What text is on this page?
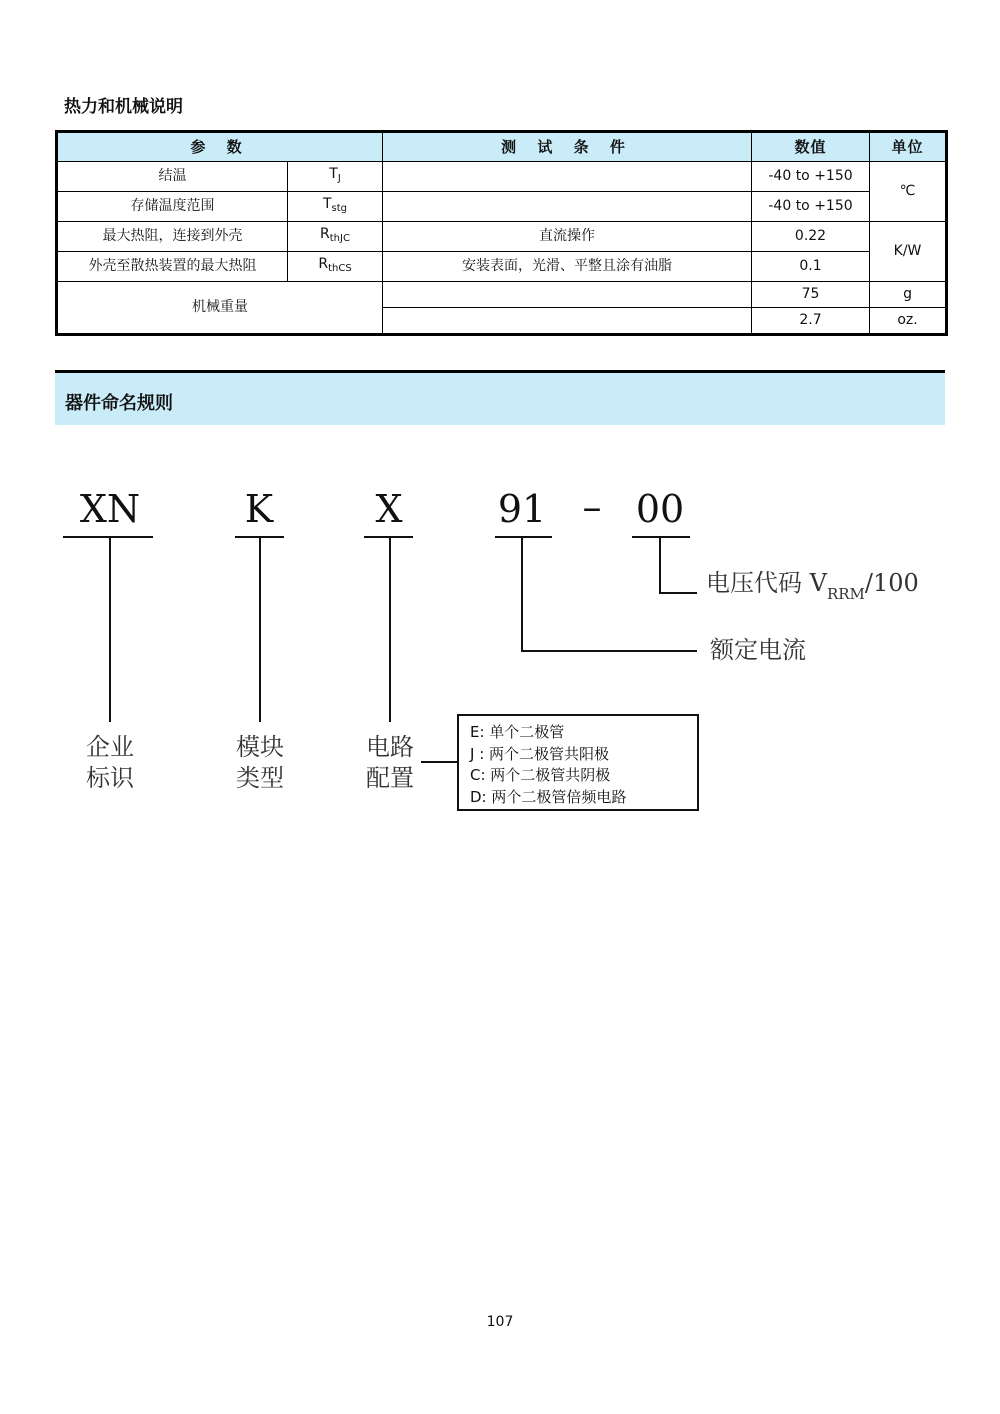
热力和机械说明
参 数		测 试 条 件	数值	单位
结温	$T_J$		-40 to +150	℃
存储温度范围	$T_{stg}$		-40 to +150	
最大热阻，连接到外壳	$R_{thJC}$	直流操作	0.22	K/W
外壳至散热装置的最大热阻	$R_{thCS}$	安装表面，光滑、平整且涂有油脂	0.1	
机械重量			75	g
			2.7	oz.
器件命名规则
XN	K	X	91 – 00
电压代码 $V_{RRM}/100$
额定电流
企业
标识
模块
类型
电路
配置
E: 单个二极管
J : 两个二极管共阳极
C: 两个二极管共阴极
D: 两个二极管倍频电路
107
